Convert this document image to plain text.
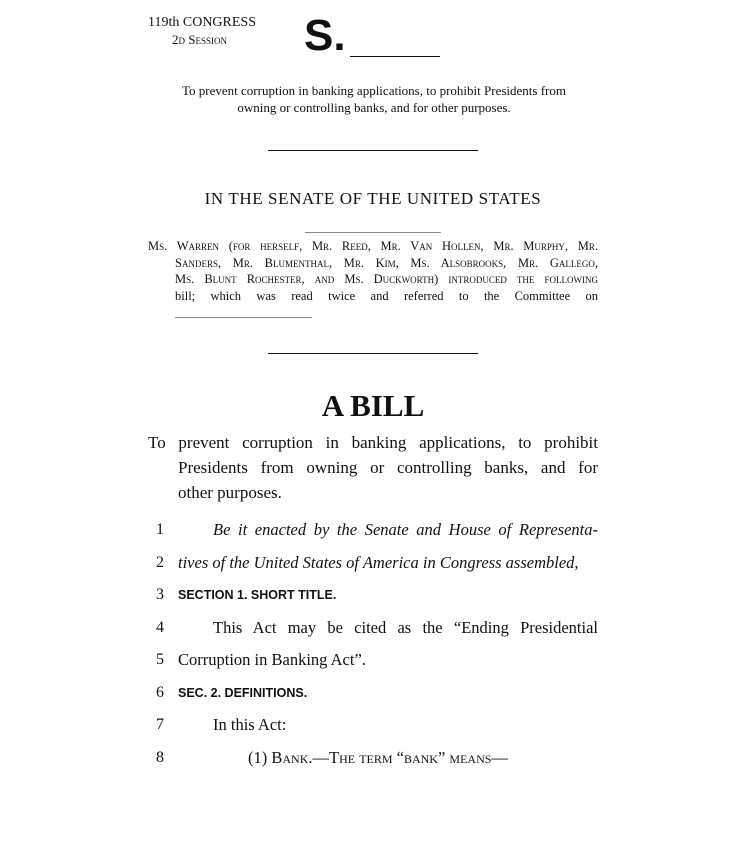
119th CONGRESS
2d Session S.
To prevent corruption in banking applications, to prohibit Presidents from
owning or controlling banks, and for other purposes.
IN THE SENATE OF THE UNITED STATES
Ms. Warren (for herself, Mr. Reed, Mr. Van Hollen, Mr. Murphy, Mr.
Sanders, Mr. Blumenthal, Mr. Kim, Ms. Alsobrooks, Mr. Gallego,
Ms. Blunt Rochester, and Ms. Duckworth) introduced the following
bill; which was read twice and referred to the Committee on
A BILL
To prevent corruption in banking applications, to prohibit
Presidents from owning or controlling banks, and for
other purposes.
1	Be it enacted by the Senate and House of Representa-
2 tives of the United States of America in Congress assembled,
3	SECTION 1. SHORT TITLE.
4	This Act may be cited as the “Ending Presidential
5 Corruption in Banking Act”.
6	SEC. 2. DEFINITIONS.
7	In this Act:
8	(1) Bank.—The term “bank” means—
